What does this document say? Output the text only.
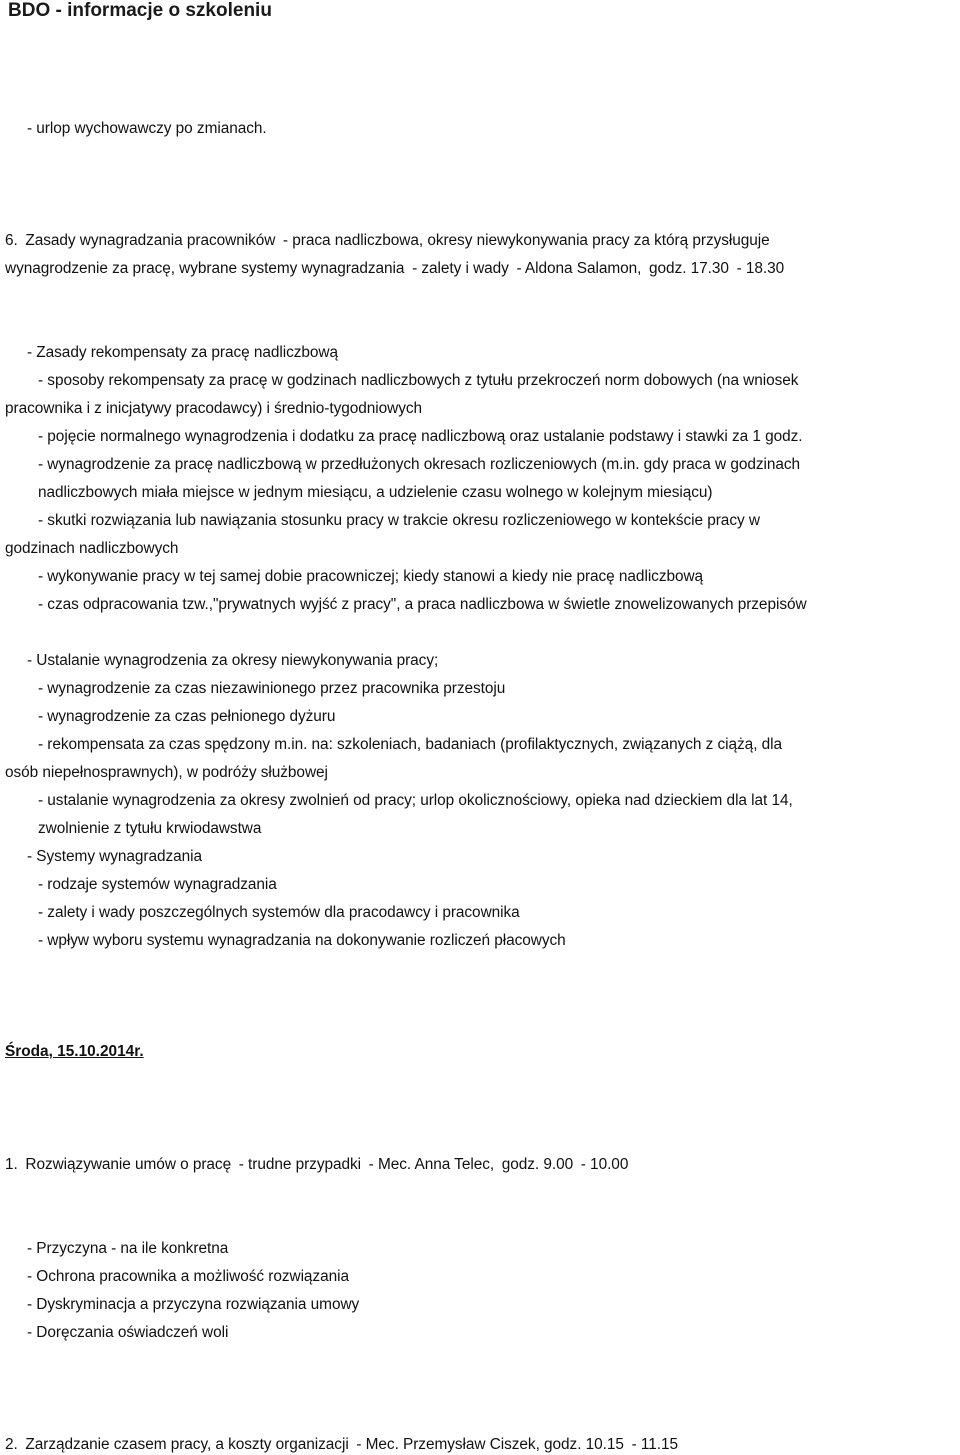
BDO - informacje o szkoleniu
- urlop wychowawczy po zmianach.
6. Zasady wynagradzania pracowników - praca nadliczbowa, okresy niewykonywania pracy za którą przysługuje
wynagrodzenie za pracę, wybrane systemy wynagradzania - zalety i wady - Aldona Salamon, godz. 17.30 - 18.30
- Zasady rekompensaty za pracę nadliczbową
- sposoby rekompensaty za pracę w godzinach nadliczbowych z tytułu przekroczeń norm dobowych (na wniosek
pracownika i z inicjatywy pracodawcy) i średnio-tygodniowych
- pojęcie normalnego wynagrodzenia i dodatku za pracę nadliczbową oraz ustalanie podstawy i stawki za 1 godz.
- wynagrodzenie za pracę nadliczbową w przedłużonych okresach rozliczeniowych (m.in. gdy praca w godzinach
nadliczbowych miała miejsce w jednym miesiącu, a udzielenie czasu wolnego w kolejnym miesiącu)
- skutki rozwiązania lub nawiązania stosunku pracy w trakcie okresu rozliczeniowego w kontekście pracy w
godzinach nadliczbowych
- wykonywanie pracy w tej samej dobie pracowniczej; kiedy stanowi a kiedy nie pracę nadliczbową
- czas odpracowania tzw.,"prywatnych wyjść z pracy", a praca nadliczbowa w świetle znowelizowanych przepisów
- Ustalanie wynagrodzenia za okresy niewykonywania pracy;
- wynagrodzenie za czas niezawinionego przez pracownika przestoju
- wynagrodzenie za czas pełnionego dyżuru
- rekompensata za czas spędzony m.in. na: szkoleniach, badaniach (profilaktycznych, związanych z ciążą, dla
osób niepełnosprawnych), w podróży służbowej
- ustalanie wynagrodzenia za okresy zwolnień od pracy; urlop okolicznościowy, opieka nad dzieckiem dla lat 14,
zwolnienie z tytułu krwiodawstwa
- Systemy wynagradzania
- rodzaje systemów wynagradzania
- zalety i wady poszczególnych systemów dla pracodawcy i pracownika  
- wpływ wyboru systemu wynagradzania na dokonywanie rozliczeń płacowych
Środa, 15.10.2014r.
1. Rozwiązywanie umów o pracę - trudne przypadki - Mec. Anna Telec, godz. 9.00 - 10.00
- Przyczyna - na ile konkretna
- Ochrona pracownika a możliwość rozwiązania
- Dyskryminacja a przyczyna rozwiązania umowy
- Doręczania oświadczeń woli
2. Zarządzanie czasem pracy, a koszty organizacji - Mec. Przemysław Ciszek, godz. 10.15 - 11.15
